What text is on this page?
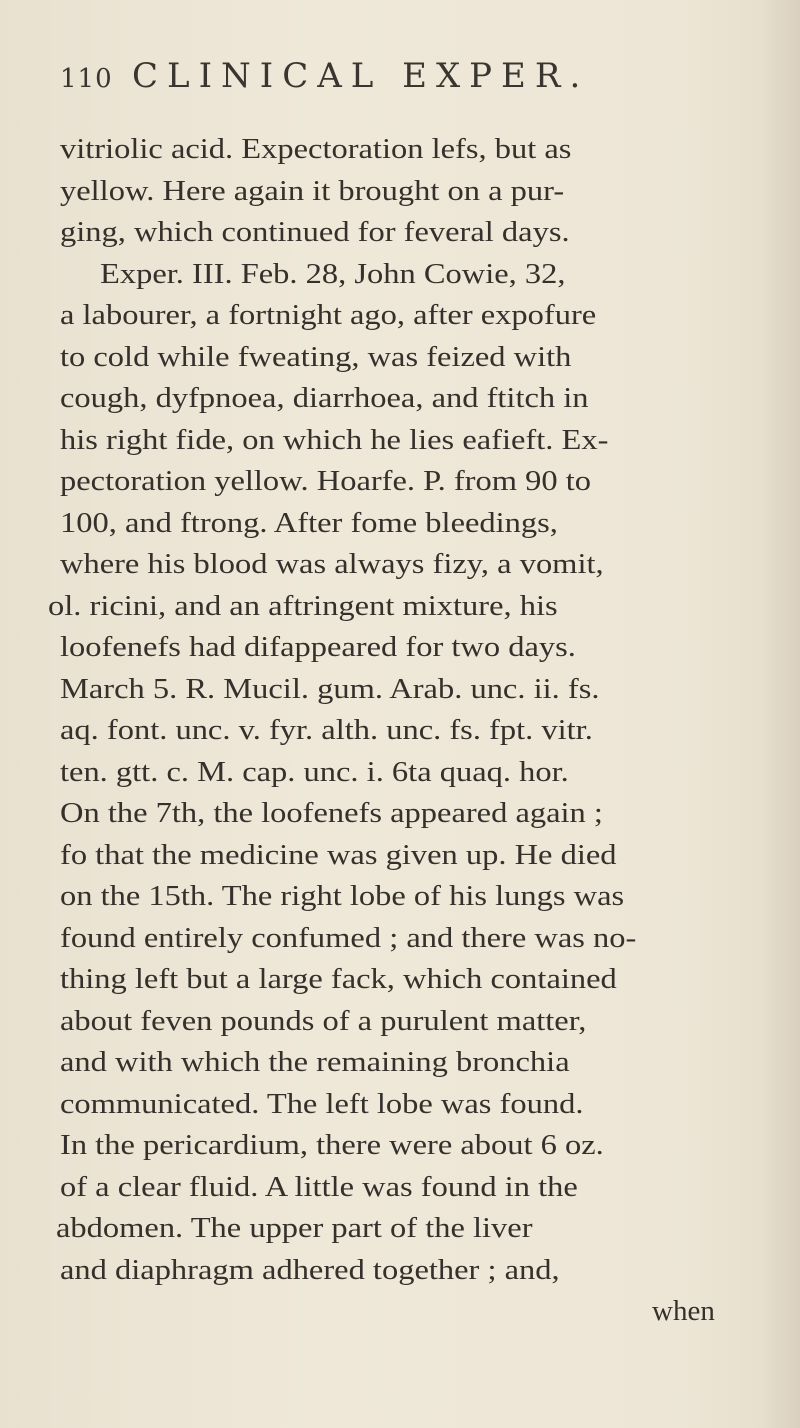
110 CLINICAL EXPER.
vitriolic acid. Expectoration lefs, but as
yellow. Here again it brought on a pur-
ging, which continued for feveral days.
Exper. III. Feb. 28, John Cowie, 32,
a labourer, a fortnight ago, after expofure
to cold while fweating, was feized with
cough, dyfpnoea, diarrhoea, and ftitch in
his right fide, on which he lies eafieft. Ex-
pectoration yellow. Hoarfe. P. from 90 to
100, and ftrong. After fome bleedings,
where his blood was always fizy, a vomit,
ol. ricini, and an aftringent mixture, his
loofenefs had difappeared for two days.
March 5. R. Mucil. gum. Arab. unc. ii. fs.
aq. font. unc. v. fyr. alth. unc. fs. fpt. vitr.
ten. gtt. c. M. cap. unc. i. 6ta quaq. hor.
On the 7th, the loofenefs appeared again ;
fo that the medicine was given up. He died
on the 15th. The right lobe of his lungs was
found entirely confumed ; and there was no-
thing left but a large fack, which contained
about feven pounds of a purulent matter,
and with which the remaining bronchia
communicated. The left lobe was found.
In the pericardium, there were about 6 oz.
of a clear fluid. A little was found in the
abdomen. The upper part of the liver
and diaphragm adhered together ; and,
when
